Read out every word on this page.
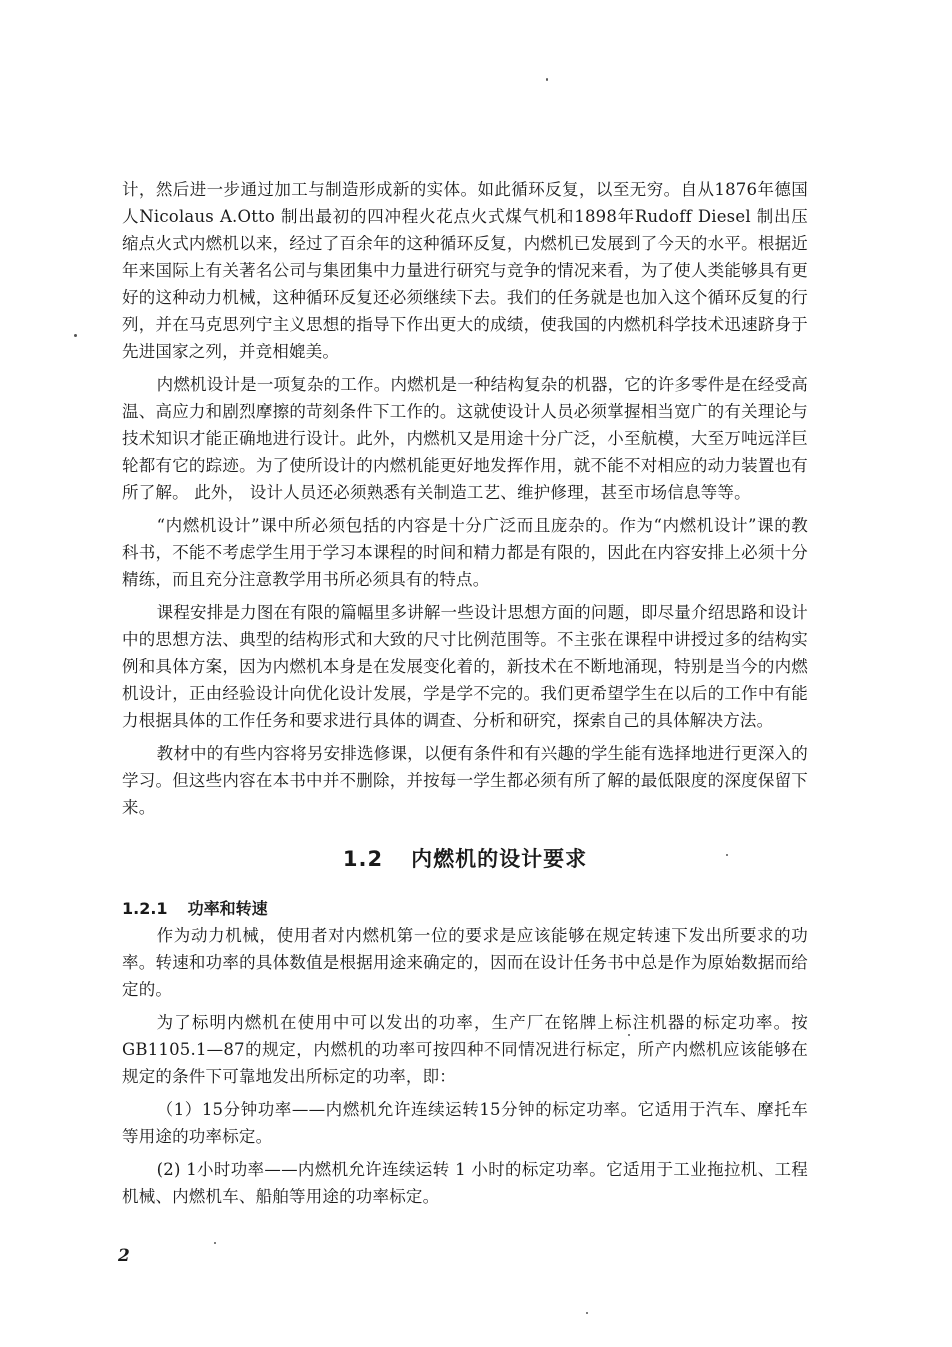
计，然后进一步通过加工与制造形成新的实体。如此循环反复，以至无穷。自从1876年德国人Nicolaus A.Otto 制出最初的四冲程火花点火式煤气机和1898年Rudoff Diesel 制出压缩点火式内燃机以来，经过了百余年的这种循环反复，内燃机已发展到了今天的水平。根据近年来国际上有关著名公司与集团集中力量进行研究与竞争的情况来看，为了使人类能够具有更好的这种动力机械，这种循环反复还必须继续下去。我们的任务就是也加入这个循环反复的行列，并在马克思列宁主义思想的指导下作出更大的成绩，使我国的内燃机科学技术迅速跻身于先进国家之列，并竞相媲美。

内燃机设计是一项复杂的工作。内燃机是一种结构复杂的机器，它的许多零件是在经受高温、高应力和剧烈摩擦的苛刻条件下工作的。这就使设计人员必须掌握相当宽广的有关理论与技术知识才能正确地进行设计。此外，内燃机又是用途十分广泛，小至航模，大至万吨远洋巨轮都有它的踪迹。为了使所设计的内燃机能更好地发挥作用，就不能不对相应的动力装置也有所了解。 此外， 设计人员还必须熟悉有关制造工艺、维护修理，甚至市场信息等等。

“内燃机设计”课中所必须包括的内容是十分广泛而且庞杂的。作为“内燃机设计”课的教科书，不能不考虑学生用于学习本课程的时间和精力都是有限的，因此在内容安排上必须十分精练，而且充分注意教学用书所必须具有的特点。

课程安排是力图在有限的篇幅里多讲解一些设计思想方面的问题，即尽量介绍思路和设计中的思想方法、典型的结构形式和大致的尺寸比例范围等。不主张在课程中讲授过多的结构实例和具体方案，因为内燃机本身是在发展变化着的，新技术在不断地涌现，特别是当今的内燃机设计，正由经验设计向优化设计发展，学是学不完的。我们更希望学生在以后的工作中有能力根据具体的工作任务和要求进行具体的调查、分析和研究，探索自己的具体解决方法。

教材中的有些内容将另安排选修课，以便有条件和有兴趣的学生能有选择地进行更深入的学习。但这些内容在本书中并不删除，并按每一学生都必须有所了解的最低限度的深度保留下来。

1.2 内燃机的设计要求
1.2.1 功率和转速

作为动力机械，使用者对内燃机第一位的要求是应该能够在规定转速下发出所要求的功率。转速和功率的具体数值是根据用途来确定的，因而在设计任务书中总是作为原始数据而给定的。

为了标明内燃机在使用中可以发出的功率，生产厂在铭牌上标注机器的标定功率。按GB1105.1—87的规定，内燃机的功率可按四种不同情况进行标定，所产内燃机应该能够在规定的条件下可靠地发出所标定的功率，即：

（1）15分钟功率——内燃机允许连续运转15分钟的标定功率。它适用于汽车、摩托车等用途的功率标定。

(2) 1小时功率——内燃机允许连续运转 1 小时的标定功率。它适用于工业拖拉机、工程机械、内燃机车、船舶等用途的功率标定。

2
